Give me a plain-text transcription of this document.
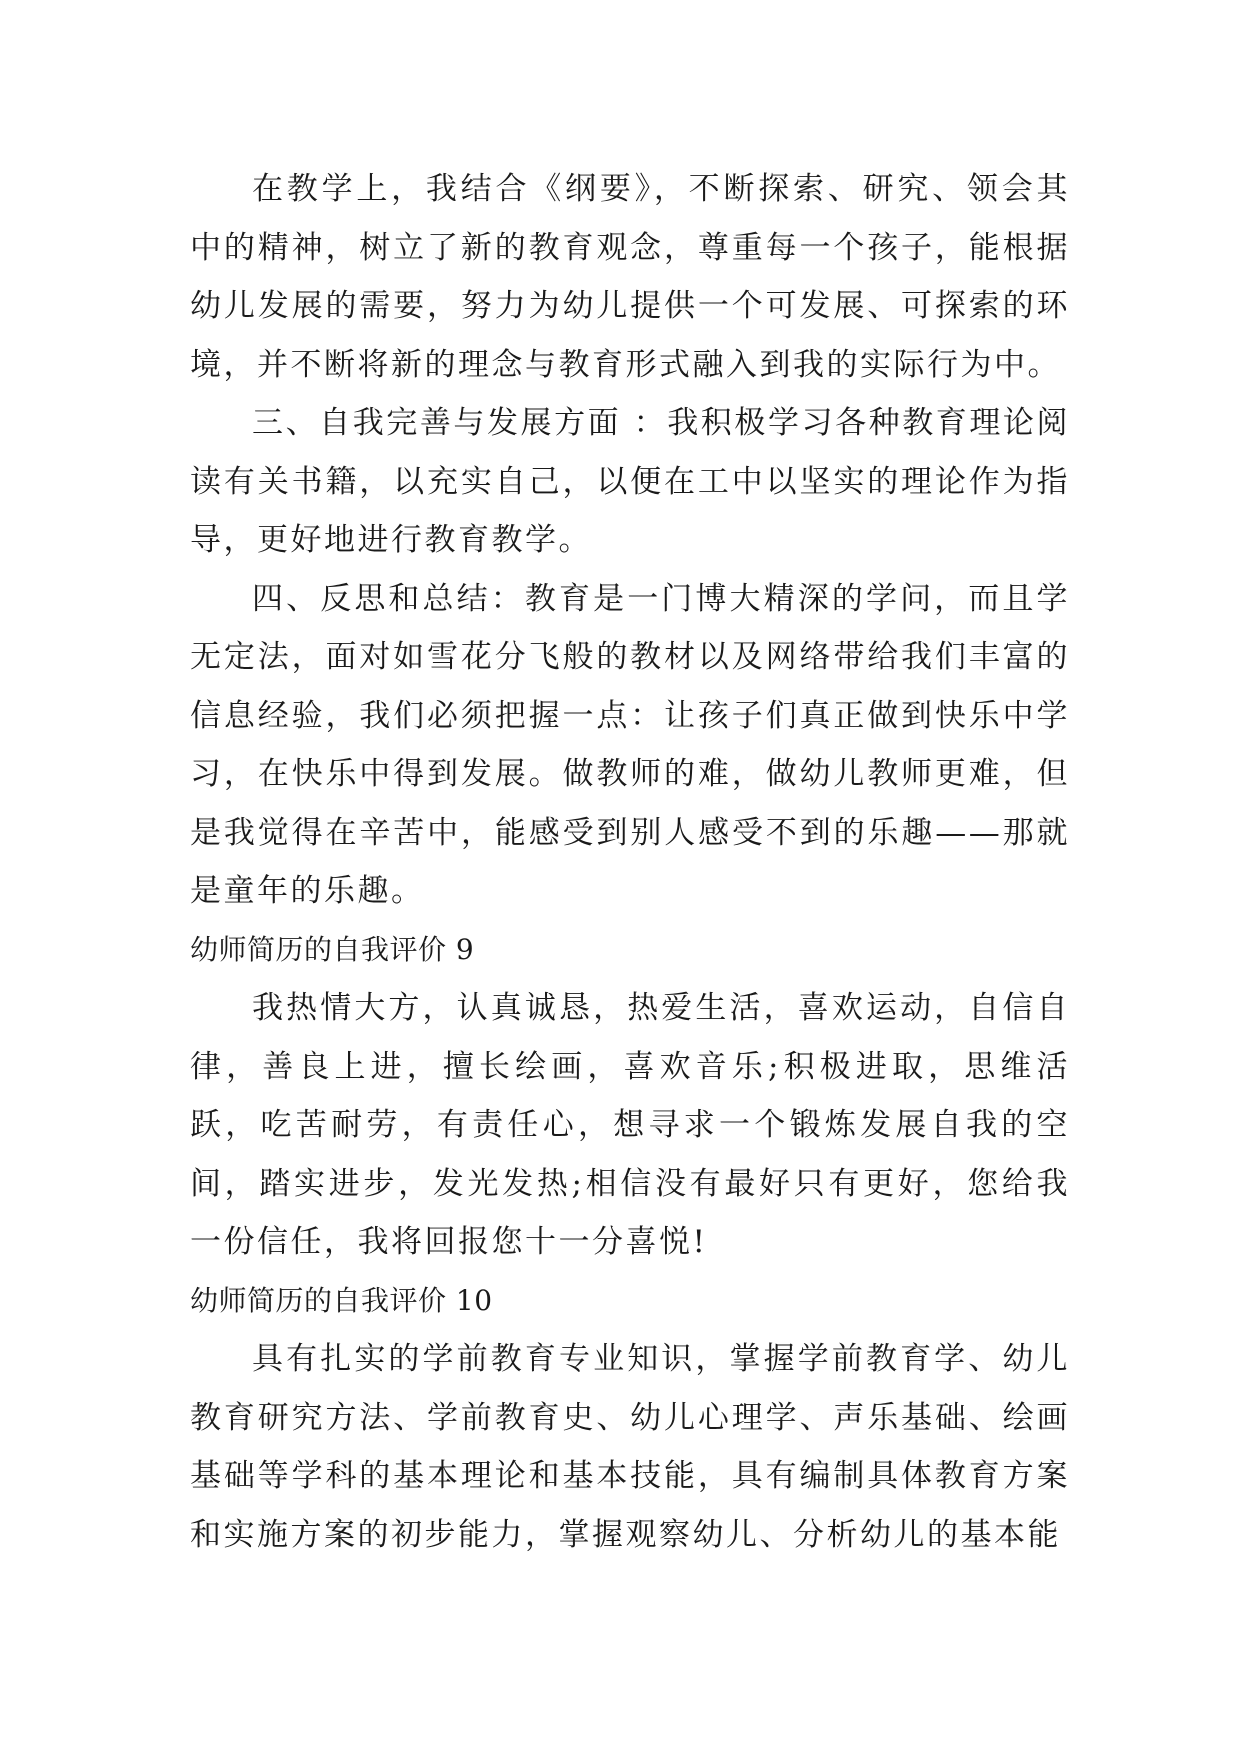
在教学上，我结合《纲要》，不断探索、研究、领会其中的精神，树立了新的教育观念，尊重每一个孩子，能根据幼儿发展的需要，努力为幼儿提供一个可发展、可探索的环境，并不断将新的理念与教育形式融入到我的实际行为中。

三、自我完善与发展方面 ：我积极学习各种教育理论阅读有关书籍，以充实自己，以便在工中以坚实的理论作为指导，更好地进行教育教学。

四、反思和总结：教育是一门博大精深的学问，而且学无定法，面对如雪花分飞般的教材以及网络带给我们丰富的信息经验，我们必须把握一点：让孩子们真正做到快乐中学习，在快乐中得到发展。做教师的难，做幼儿教师更难，但是我觉得在辛苦中，能感受到别人感受不到的乐趣——那就是童年的乐趣。

幼师简历的自我评价 9

我热情大方，认真诚恳，热爱生活，喜欢运动，自信自律，善良上进，擅长绘画，喜欢音乐;积极进取，思维活跃，吃苦耐劳，有责任心，想寻求一个锻炼发展自我的空间，踏实进步，发光发热;相信没有最好只有更好，您给我一份信任，我将回报您十一分喜悦!

幼师简历的自我评价 10

具有扎实的学前教育专业知识，掌握学前教育学、幼儿教育研究方法、学前教育史、幼儿心理学、声乐基础、绘画基础等学科的基本理论和基本技能，具有编制具体教育方案和实施方案的初步能力，掌握观察幼儿、分析幼儿的基本能
